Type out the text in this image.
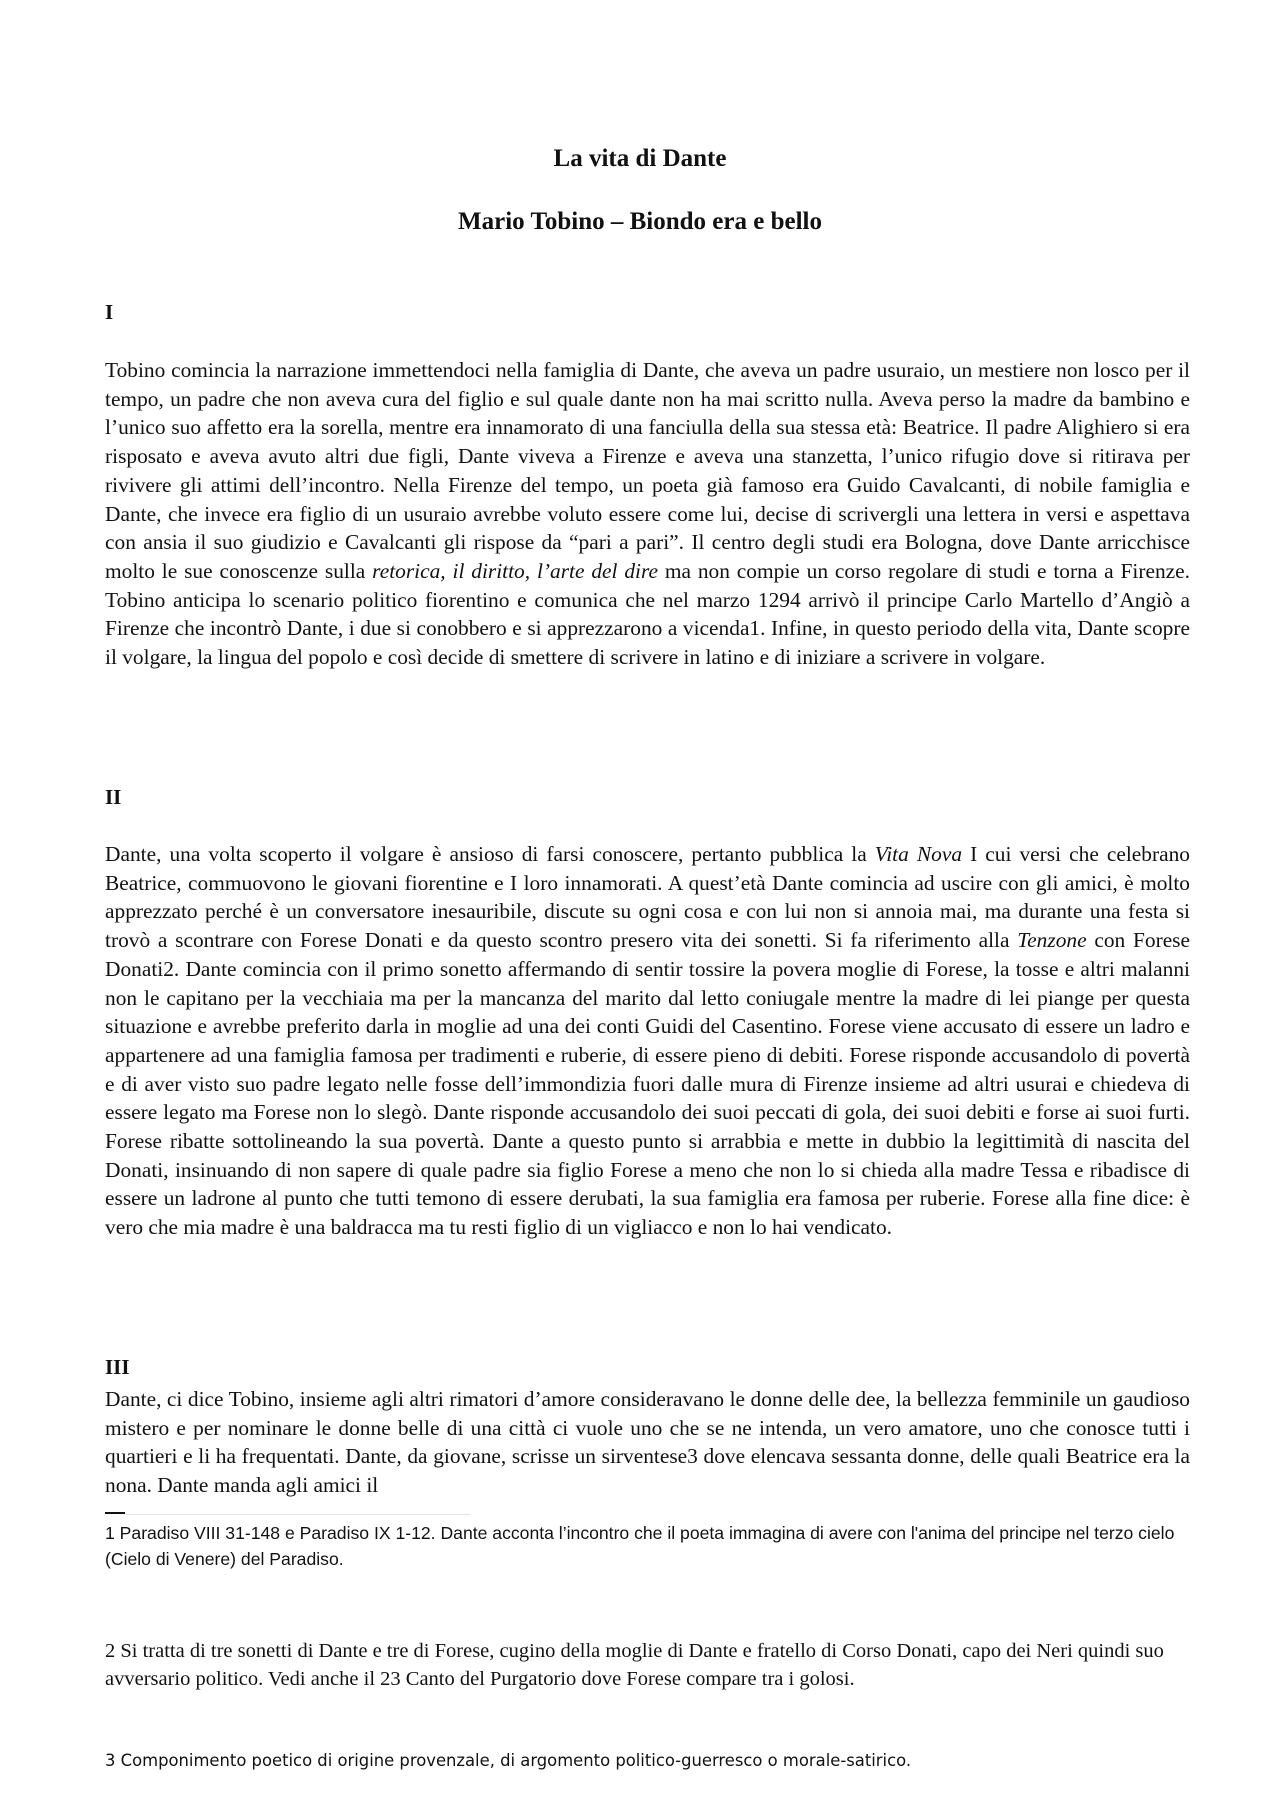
La vita di Dante
Mario Tobino – Biondo era e bello
I

Tobino comincia la narrazione immettendoci nella famiglia di Dante, che aveva un padre usuraio, un mestiere non losco per il tempo, un padre che non aveva cura del figlio e sul quale dante non ha mai scritto nulla. Aveva perso la madre da bambino e l’unico suo affetto era la sorella, mentre era innamorato di una fanciulla della sua stessa età: Beatrice. Il padre Alighiero si era risposato e aveva avuto altri due figli, Dante viveva a Firenze e aveva una stanzetta, l’unico rifugio dove si ritirava per rivivere gli attimi dell’incontro. Nella Firenze del tempo, un poeta già famoso era Guido Cavalcanti, di nobile famiglia e Dante, che invece era figlio di un usuraio avrebbe voluto essere come lui, decise di scrivergli una lettera in versi e aspettava con ansia il suo giudizio e Cavalcanti gli rispose da “pari a pari”. Il centro degli studi era Bologna, dove Dante arricchisce molto le sue conoscenze sulla retorica, il diritto, l’arte del dire ma non compie un corso regolare di studi e torna a Firenze. Tobino anticipa lo scenario politico fiorentino e comunica che nel marzo 1294 arrivò il principe Carlo Martello d’Angiò a Firenze che incontrò Dante, i due si conobbero e si apprezzarono a vicenda1. Infine, in questo periodo della vita, Dante scopre il volgare, la lingua del popolo e così decide di smettere di scrivere in latino e di iniziare a scrivere in volgare.

II

Dante, una volta scoperto il volgare è ansioso di farsi conoscere, pertanto pubblica la Vita Nova I cui versi che celebrano Beatrice, commuovono le giovani fiorentine e I loro innamorati. A quest’età Dante comincia ad uscire con gli amici, è molto apprezzato perché è un conversatore inesauribile, discute su ogni cosa e con lui non si annoia mai, ma durante una festa si trovò a scontrare con Forese Donati e da questo scontro presero vita dei sonetti. Si fa riferimento alla Tenzone con Forese Donati2. Dante comincia con il primo sonetto affermando di sentir tossire la povera moglie di Forese, la tosse e altri malanni non le capitano per la vecchiaia ma per la mancanza del marito dal letto coniugale mentre la madre di lei piange per questa situazione e avrebbe preferito darla in moglie ad una dei conti Guidi del Casentino. Forese viene accusato di essere un ladro e appartenere ad una famiglia famosa per tradimenti e ruberie, di essere pieno di debiti. Forese risponde accusandolo di povertà e di aver visto suo padre legato nelle fosse dell’immondizia fuori dalle mura di Firenze insieme ad altri usurai e chiedeva di essere legato ma Forese non lo slegò. Dante risponde accusandolo dei suoi peccati di gola, dei suoi debiti e forse ai suoi furti. Forese ribatte sottolineando la sua povertà. Dante a questo punto si arrabbia e mette in dubbio la legittimità di nascita del Donati, insinuando di non sapere di quale padre sia figlio Forese a meno che non lo si chieda alla madre Tessa e ribadisce di essere un ladrone al punto che tutti temono di essere derubati, la sua famiglia era famosa per ruberie. Forese alla fine dice: è vero che mia madre è una baldracca ma tu resti figlio di un vigliacco e non lo hai vendicato.

III

Dante, ci dice Tobino, insieme agli altri rimatori d’amore consideravano le donne delle dee, la bellezza femminile un gaudioso mistero e per nominare le donne belle di una città ci vuole uno che se ne intenda, un vero amatore, uno che conosce tutti i quartieri e li ha frequentati. Dante, da giovane, scrisse un sirventese3 dove elencava sessanta donne, delle quali Beatrice era la nona. Dante manda agli amici il

1 Paradiso VIII 31-148 e Paradiso IX 1-12. Dante acconta l’incontro che il poeta immagina di avere con l'anima del principe nel terzo cielo (Cielo di Venere) del Paradiso.

2 Si tratta di tre sonetti di Dante e tre di Forese, cugino della moglie di Dante e fratello di Corso Donati, capo dei Neri quindi suo avversario politico. Vedi anche il 23 Canto del Purgatorio dove Forese compare tra i golosi.

3 Componimento poetico di origine provenzale, di argomento politico-guerresco o morale-satirico.
